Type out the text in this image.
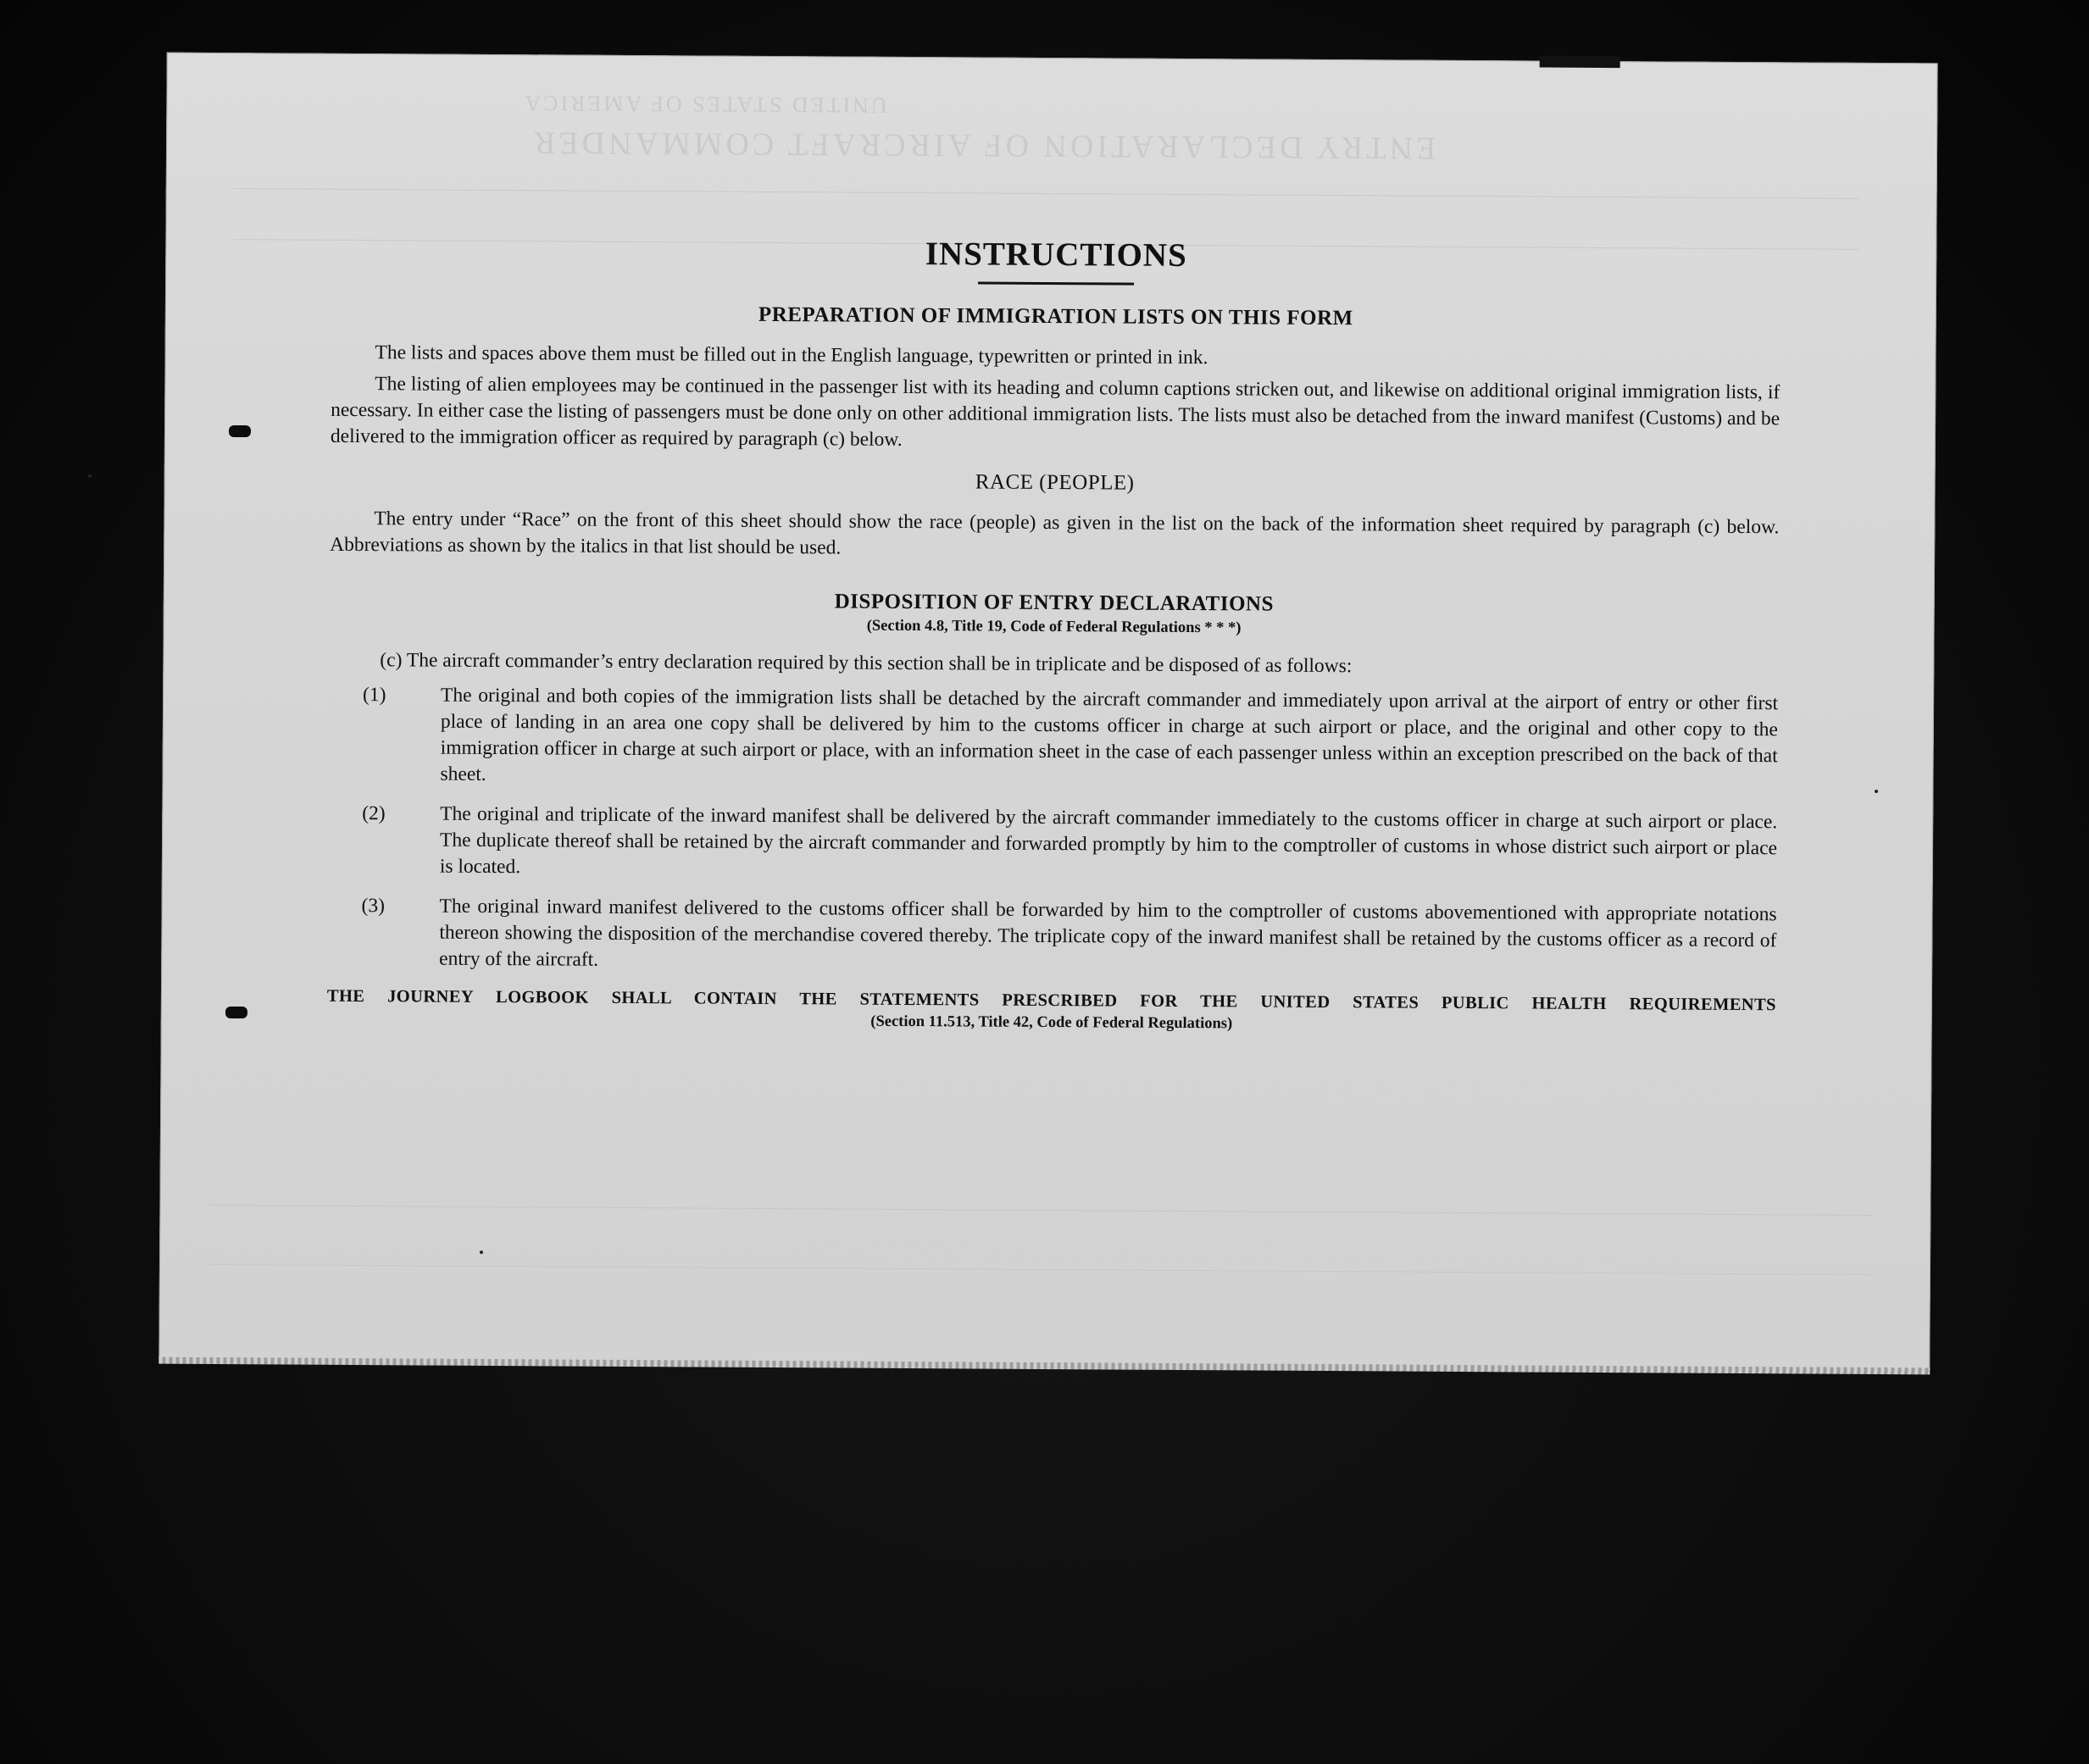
UNITED STATES OF AMERICA
ENTRY DECLARATION OF AIRCRAFT COMMANDER
INSTRUCTIONS
PREPARATION OF IMMIGRATION LISTS ON THIS FORM

The lists and spaces above them must be filled out in the English language, typewritten or printed in ink.

The listing of alien employees may be continued in the passenger list with its heading and column captions stricken out, and likewise on additional original immigration lists, if necessary. In either case the listing of passengers must be done only on other additional immigration lists. The lists must also be detached from the inward manifest (Customs) and be delivered to the immigration officer as required by paragraph (c) below.

RACE (PEOPLE)

The entry under “Race” on the front of this sheet should show the race (people) as given in the list on the back of the information sheet required by paragraph (c) below. Abbreviations as shown by the italics in that list should be used.

DISPOSITION OF ENTRY DECLARATIONS
(Section 4.8, Title 19, Code of Federal Regulations * * *)

(c) The aircraft commander’s entry declaration required by this section shall be in triplicate and be disposed of as follows:

(1)	The original and both copies of the immigration lists shall be detached by the aircraft commander and immediately upon arrival at the airport of entry or other first place of landing in an area one copy shall be delivered by him to the customs officer in charge at such airport or place, and the original and other copy to the immigration officer in charge at such airport or place, with an information sheet in the case of each passenger unless within an exception prescribed on the back of that sheet.

(2)	The original and triplicate of the inward manifest shall be delivered by the aircraft commander immediately to the customs officer in charge at such airport or place. The duplicate thereof shall be retained by the aircraft commander and forwarded promptly by him to the comptroller of customs in whose district such airport or place is located.

(3)	The original inward manifest delivered to the customs officer shall be forwarded by him to the comptroller of customs abovementioned with appropriate notations thereon showing the disposition of the merchandise covered thereby. The triplicate copy of the inward manifest shall be retained by the customs officer as a record of entry of the aircraft.

THE JOURNEY LOGBOOK SHALL CONTAIN THE STATEMENTS PRESCRIBED FOR THE UNITED STATES PUBLIC HEALTH REQUIREMENTS
(Section 11.513, Title 42, Code of Federal Regulations)
